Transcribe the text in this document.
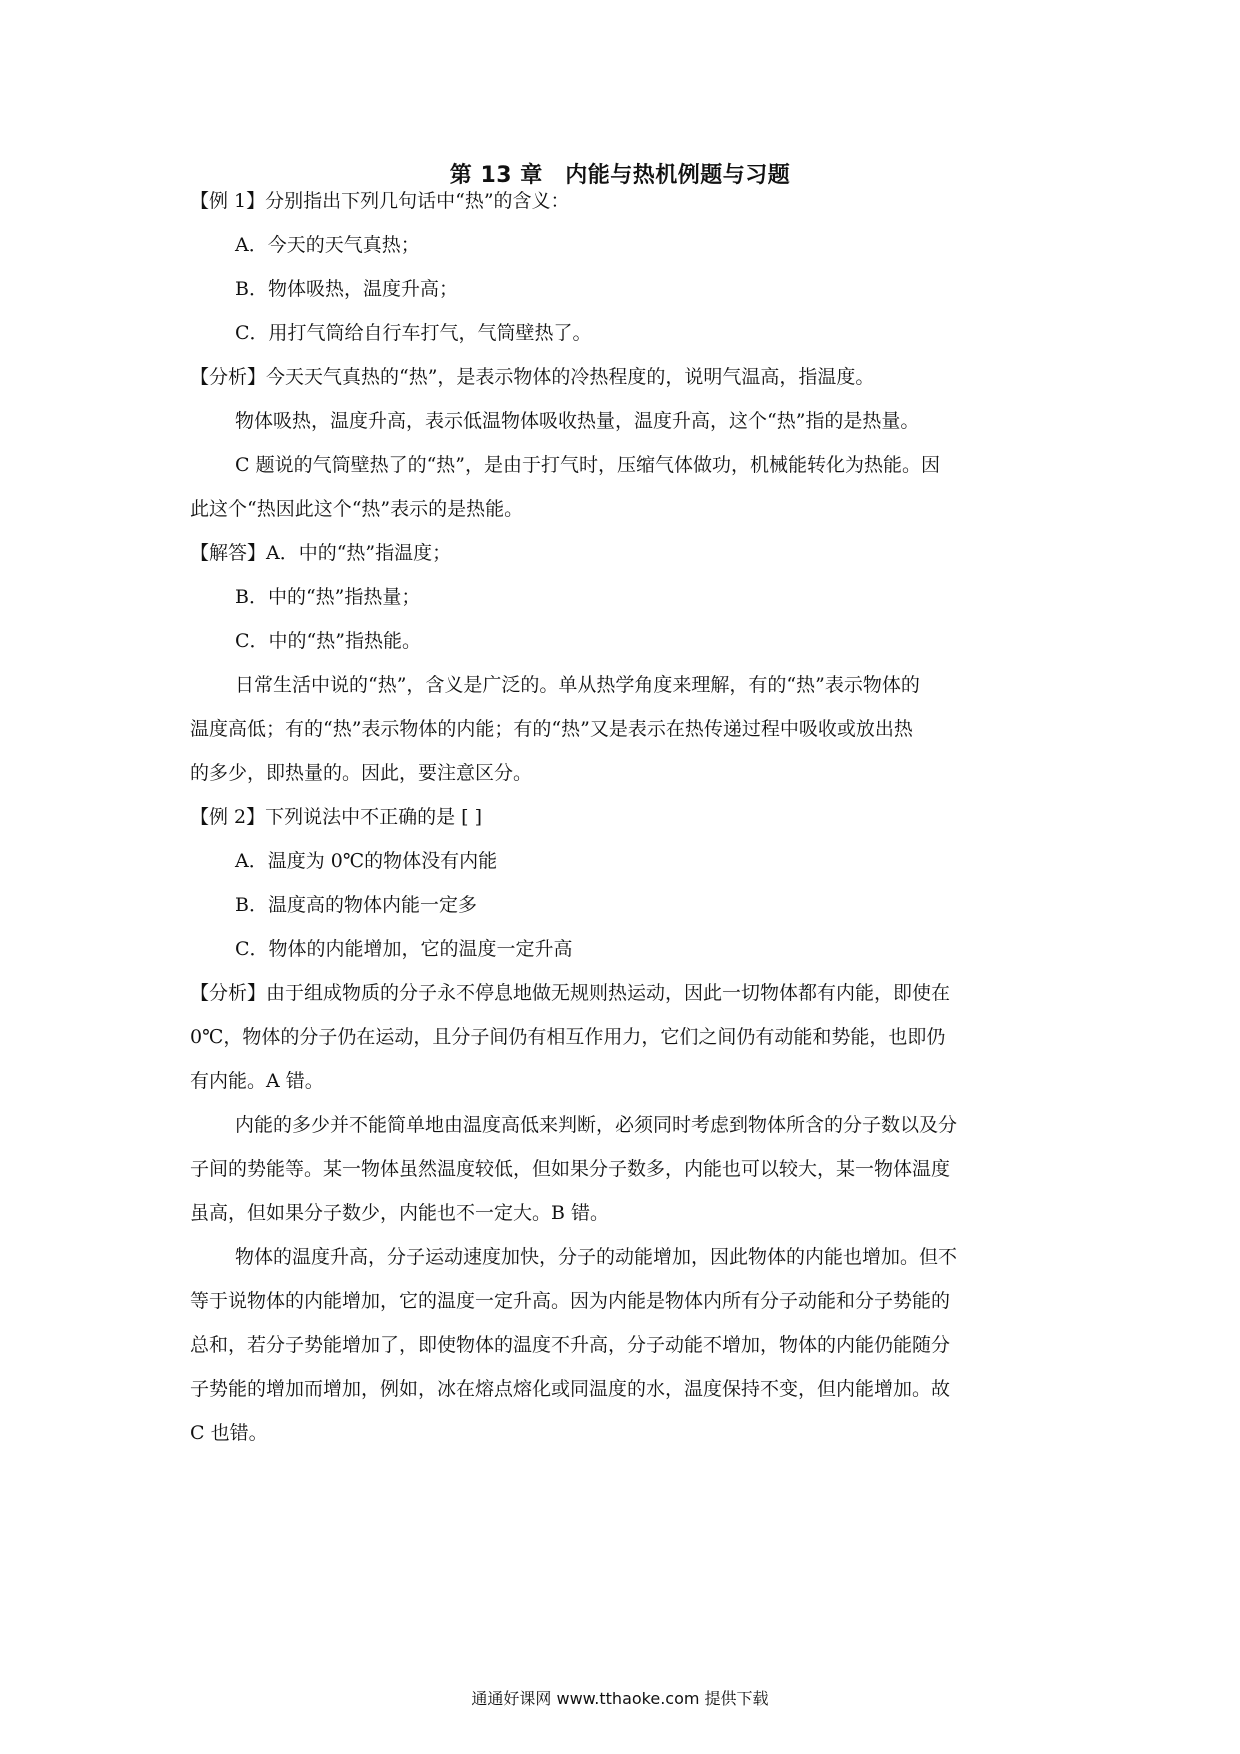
第 13 章　内能与热机例题与习题
【例 1】分别指出下列几句话中“热”的含义：
A．今天的天气真热；
B．物体吸热，温度升高；
C．用打气筒给自行车打气，气筒壁热了。
【分析】今天天气真热的“热”，是表示物体的冷热程度的，说明气温高，指温度。
物体吸热，温度升高，表示低温物体吸收热量，温度升高，这个“热”指的是热量。
C 题说的气筒壁热了的“热”，是由于打气时，压缩气体做功，机械能转化为热能。因
此这个“热因此这个“热”表示的是热能。
【解答】A．中的“热”指温度；
B．中的“热”指热量；
C．中的“热”指热能。
日常生活中说的“热”，含义是广泛的。单从热学角度来理解，有的“热”表示物体的
温度高低；有的“热”表示物体的内能；有的“热”又是表示在热传递过程中吸收或放出热
的多少，即热量的。因此，要注意区分。
【例 2】下列说法中不正确的是 [ ]
A．温度为 0℃的物体没有内能
B．温度高的物体内能一定多
C．物体的内能增加，它的温度一定升高
【分析】由于组成物质的分子永不停息地做无规则热运动，因此一切物体都有内能，即使在
0℃，物体的分子仍在运动，且分子间仍有相互作用力，它们之间仍有动能和势能，也即仍
有内能。A 错。
内能的多少并不能简单地由温度高低来判断，必须同时考虑到物体所含的分子数以及分
子间的势能等。某一物体虽然温度较低，但如果分子数多，内能也可以较大，某一物体温度
虽高，但如果分子数少，内能也不一定大。B 错。
物体的温度升高，分子运动速度加快，分子的动能增加，因此物体的内能也增加。但不
等于说物体的内能增加，它的温度一定升高。因为内能是物体内所有分子动能和分子势能的
总和，若分子势能增加了，即使物体的温度不升高，分子动能不增加，物体的内能仍能随分
子势能的增加而增加，例如，冰在熔点熔化或同温度的水，温度保持不变，但内能增加。故
C 也错。
通通好课网 www.tthaoke.com 提供下载
